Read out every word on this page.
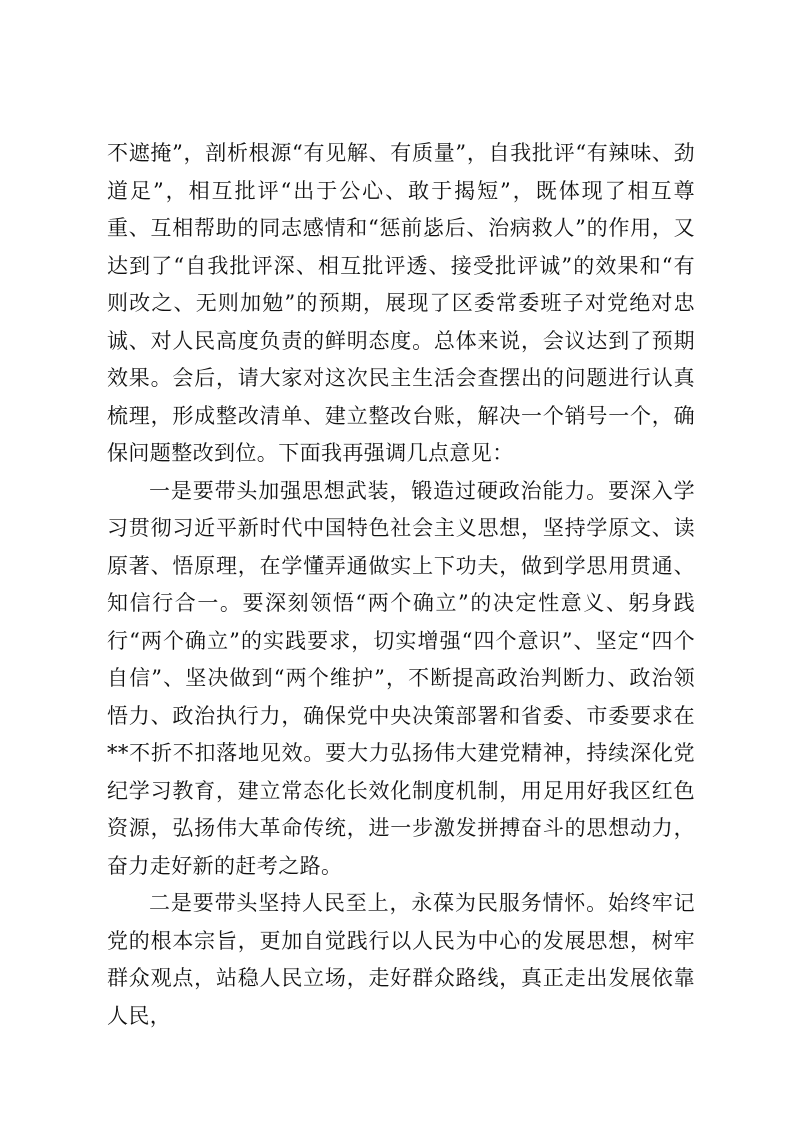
不遮掩”，剖析根源“有见解、有质量”，自我批评“有辣味、劲道足”，相互批评“出于公心、敢于揭短”，既体现了相互尊重、互相帮助的同志感情和“惩前毖后、治病救人”的作用，又达到了“自我批评深、相互批评透、接受批评诚”的效果和“有则改之、无则加勉”的预期，展现了区委常委班子对党绝对忠诚、对人民高度负责的鲜明态度。总体来说，会议达到了预期效果。会后，请大家对这次民主生活会查摆出的问题进行认真梳理，形成整改清单、建立整改台账，解决一个销号一个，确保问题整改到位。下面我再强调几点意见：

一是要带头加强思想武装，锻造过硬政治能力。要深入学习贯彻习近平新时代中国特色社会主义思想，坚持学原文、读原著、悟原理，在学懂弄通做实上下功夫，做到学思用贯通、知信行合一。要深刻领悟“两个确立”的决定性意义、躬身践行“两个确立”的实践要求，切实增强“四个意识”、坚定“四个自信”、坚决做到“两个维护”，不断提高政治判断力、政治领悟力、政治执行力，确保党中央决策部署和省委、市委要求在**不折不扣落地见效。要大力弘扬伟大建党精神，持续深化党纪学习教育，建立常态化长效化制度机制，用足用好我区红色资源，弘扬伟大革命传统，进一步激发拼搏奋斗的思想动力，奋力走好新的赶考之路。

二是要带头坚持人民至上，永葆为民服务情怀。始终牢记党的根本宗旨，更加自觉践行以人民为中心的发展思想，树牢群众观点，站稳人民立场，走好群众路线，真正走出发展依靠人民，
